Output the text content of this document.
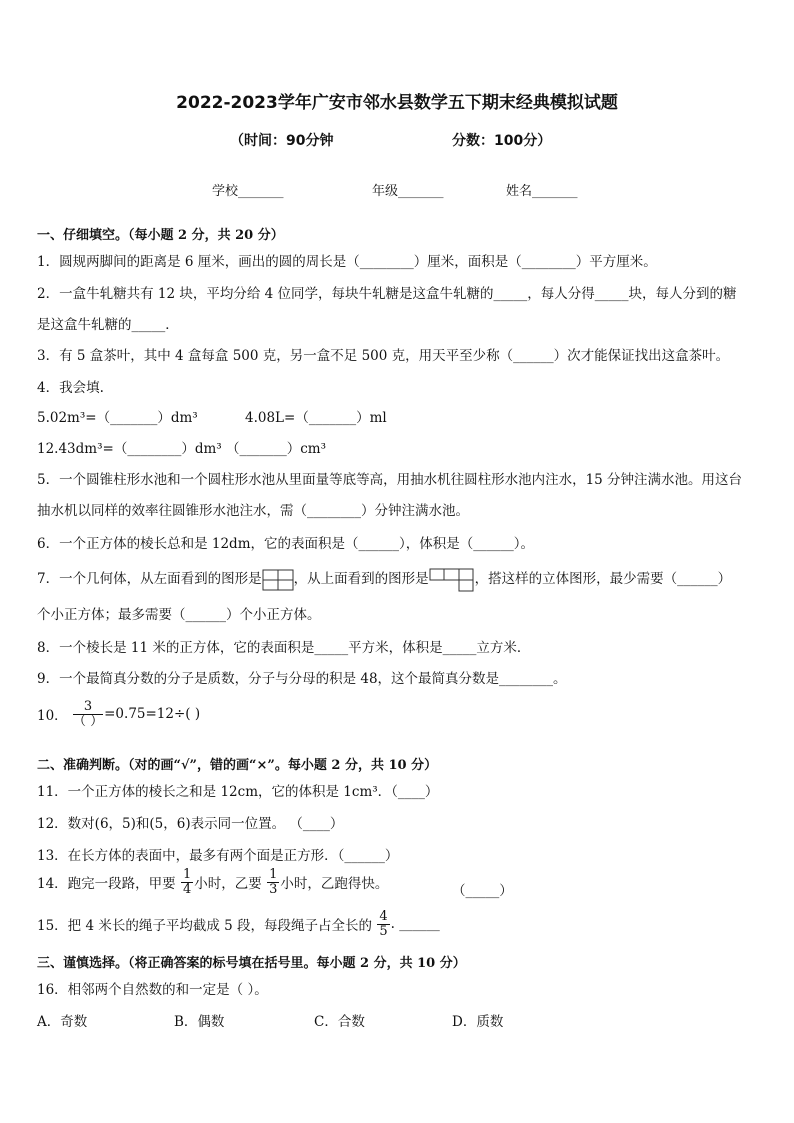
2022-2023学年广安市邻水县数学五下期末经典模拟试题
（时间：90分钟	分数：100分）
学校_______	年级_______	姓名_______
一、仔细填空。（每小题 2 分，共 20 分）
1．圆规两脚间的距离是 6 厘米，画出的圆的周长是（________）厘米，面积是（________）平方厘米。
2．一盒牛轧糖共有 12 块，平均分给 4 位同学，每块牛轧糖是这盒牛轧糖的_____，每人分得_____块，每人分到的糖
是这盒牛轧糖的_____．
3．有 5 盒茶叶，其中 4 盒每盒 500 克，另一盒不足 500 克，用天平至少称（______）次才能保证找出这盒茶叶。
4．我会填.
5.02m³=（_______）dm³	4.08L=（_______）ml
12.43dm³=（________）dm³ （_______）cm³
5．一个圆锥柱形水池和一个圆柱形水池从里面量等底等高，用抽水机往圆柱形水池内注水，15 分钟注满水池。用这台
抽水机以同样的效率往圆锥形水池注水，需（________）分钟注满水池。
6．一个正方体的棱长总和是 12dm，它的表面积是（______），体积是（______）。
7．一个几何体，从左面看到的图形是 ，从上面看到的图形是	，搭这样的立体图形，最少需要（______）
个小正方体；最多需要（______）个小正方体。
8．一个棱长是 11 米的正方体，它的表面积是_____平方米，体积是_____立方米．
9．一个最简真分数的分子是质数，分子与分母的积是 48，这个最简真分数是________。
10． $\frac{3}{( )} =0.75=12\div$( )
二、准确判断。（对的画“√”，错的画“×”。每小题 2 分，共 10 分）
11．一个正方体的棱长之和是 12cm，它的体积是 1cm³．（____）
12．数对(6，5)和(5，6)表示同一位置。 （____）
13．在长方体的表面中，最多有两个面是正方形．（______）
14．跑完一段路，甲要 $\frac{1}{4}$ 小时，乙要 $\frac{1}{3}$ 小时，乙跑得快。	（_____）
15．把 4 米长的绳子平均截成 5 段，每段绳子占全长的 $\frac{4}{5}$ . ______
三、谨慎选择。（将正确答案的标号填在括号里。每小题 2 分，共 10 分）
16．相邻两个自然数的和一定是（ ）。
A．奇数	B．偶数	C．合数	D．质数
